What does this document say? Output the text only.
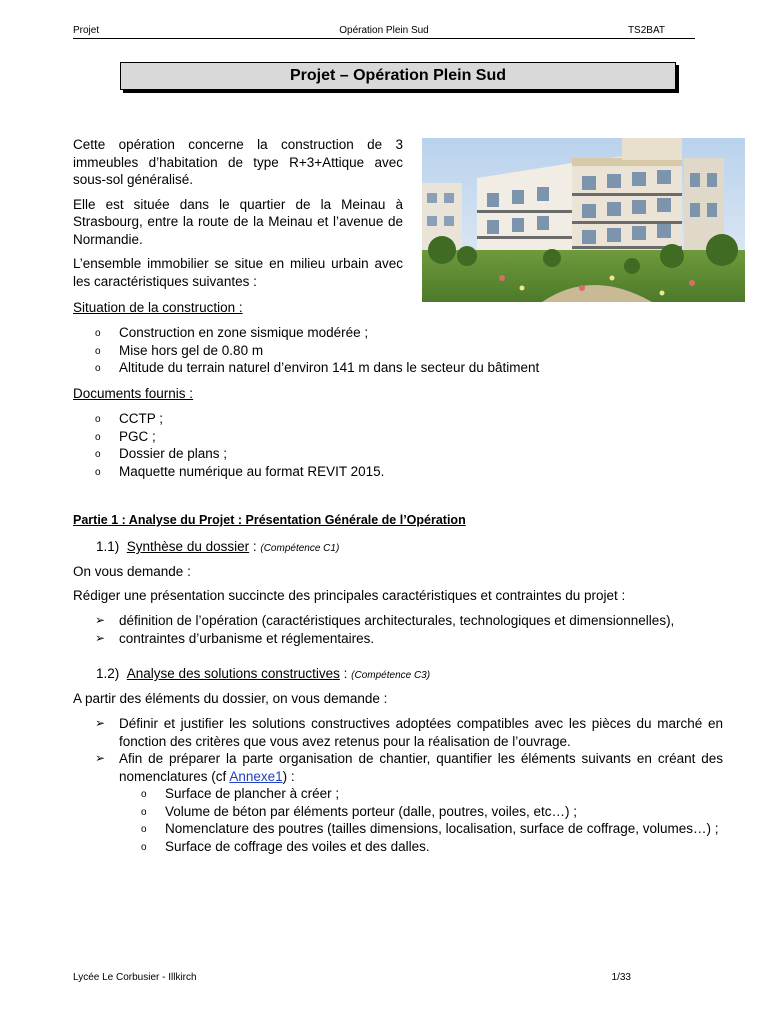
Projet	Opération Plein Sud	TS2BAT
Projet – Opération Plein Sud

Cette opération concerne la construction de 3 immeubles d’habitation de type R+3+Attique avec sous-sol généralisé.

Elle est située dans le quartier de la Meinau à Strasbourg, entre la route de la Meinau et l’avenue de Normandie.

L’ensemble immobilier se situe en milieu urbain avec les caractéristiques suivantes :

Situation de la construction :
o Construction en zone sismique modérée ;
o Mise hors gel de 0.80 m
o Altitude du terrain naturel d’environ 141 m dans le secteur du bâtiment
Documents fournis :
o CCTP ;
o PGC ;
o Dossier de plans ;
o Maquette numérique au format REVIT 2015.
Partie 1 : Analyse du Projet : Présentation Générale de l’Opération
1.1) Synthèse du dossier : (Compétence C1)
On vous demande :
Rédiger une présentation succincte des principales caractéristiques et contraintes du projet :
➢ définition de l’opération (caractéristiques architecturales, technologiques et dimensionnelles),
➢ contraintes d’urbanisme et réglementaires.
1.2) Analyse des solutions constructives : (Compétence C3)
A partir des éléments du dossier, on vous demande :
➢ Définir et justifier les solutions constructives adoptées compatibles avec les pièces du marché en fonction des critères que vous avez retenus pour la réalisation de l’ouvrage.
➢ Afin de préparer la parte organisation de chantier, quantifier les éléments suivants en créant des nomenclatures (cf Annexe1) :
o Surface de plancher à créer ;
o Volume de béton par éléments porteur (dalle, poutres, voiles, etc…) ;
o Nomenclature des poutres (tailles dimensions, localisation, surface de coffrage, volumes…) ;
o Surface de coffrage des voiles et des dalles.
Lycée Le Corbusier - Illkirch	1/33
